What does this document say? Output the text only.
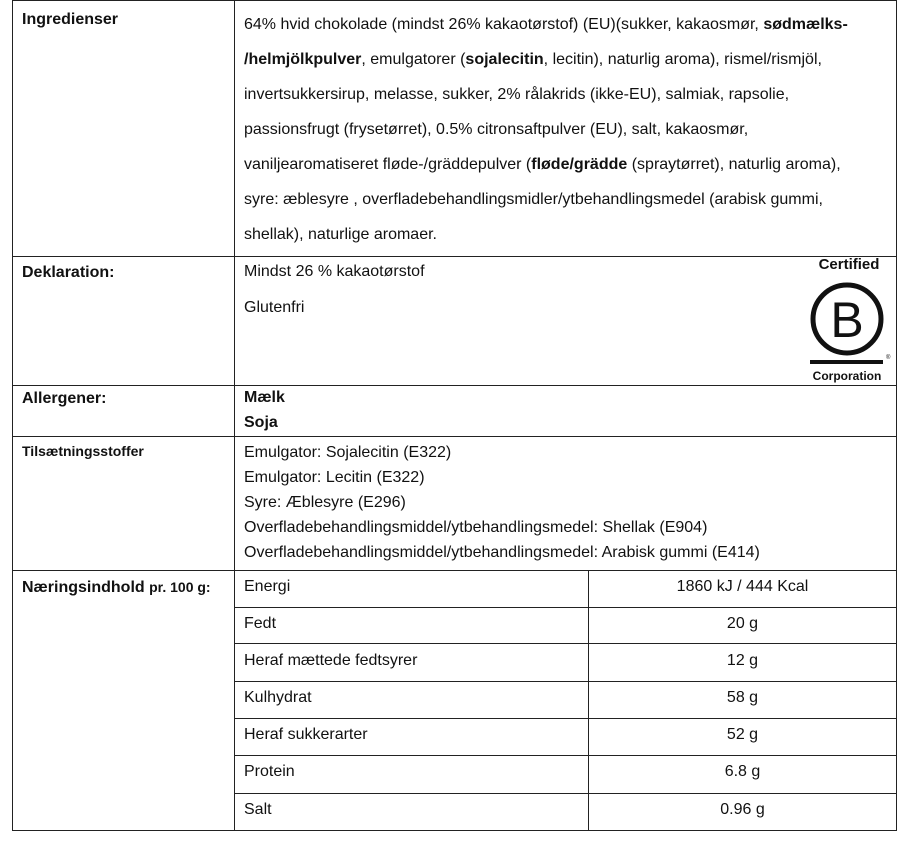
Ingredienser	64% hvid chokolade (mindst 26% kakaotørstof) (EU)(sukker, kakaosmør, sødmælks-
/helmjölkpulver, emulgatorer (sojalecitin, lecitin), naturlig aroma), rismel/rismjöl, invertsukkersirup, melasse, sukker, 2% rålakrids (ikke-EU), salmiak, rapsolie, passionsfrugt (frysetørret), 0.5% citronsaftpulver (EU), salt, kakaosmør, vaniljearomatiseret fløde-/gräddepulver (fløde/grädde (spraytørret), naturlig aroma), syre: æblesyre , overfladebehandlingsmidler/ytbehandlingsmedel (arabisk gummi, shellak), naturlige aromaer.
Deklaration:	Mindst 26 % kakaotørstof

Glutenfri

Certified
B
®
Corporation
Allergener:	Mælk
Soja
Tilsætningsstoffer	Emulgator: Sojalecitin (E322)
Emulgator: Lecitin (E322)
Syre: Æblesyre (E296)
Overfladebehandlingsmiddel/ytbehandlingsmedel: Shellak (E904)
Overfladebehandlingsmiddel/ytbehandlingsmedel: Arabisk gummi (E414)
Næringsindhold pr. 100 g: Energi	1860 kJ / 444 Kcal
Fedt	20 g
Heraf mættede fedtsyrer	12 g
Kulhydrat	58 g
Heraf sukkerarter	52 g
Protein	6.8 g
Salt	0.96 g
